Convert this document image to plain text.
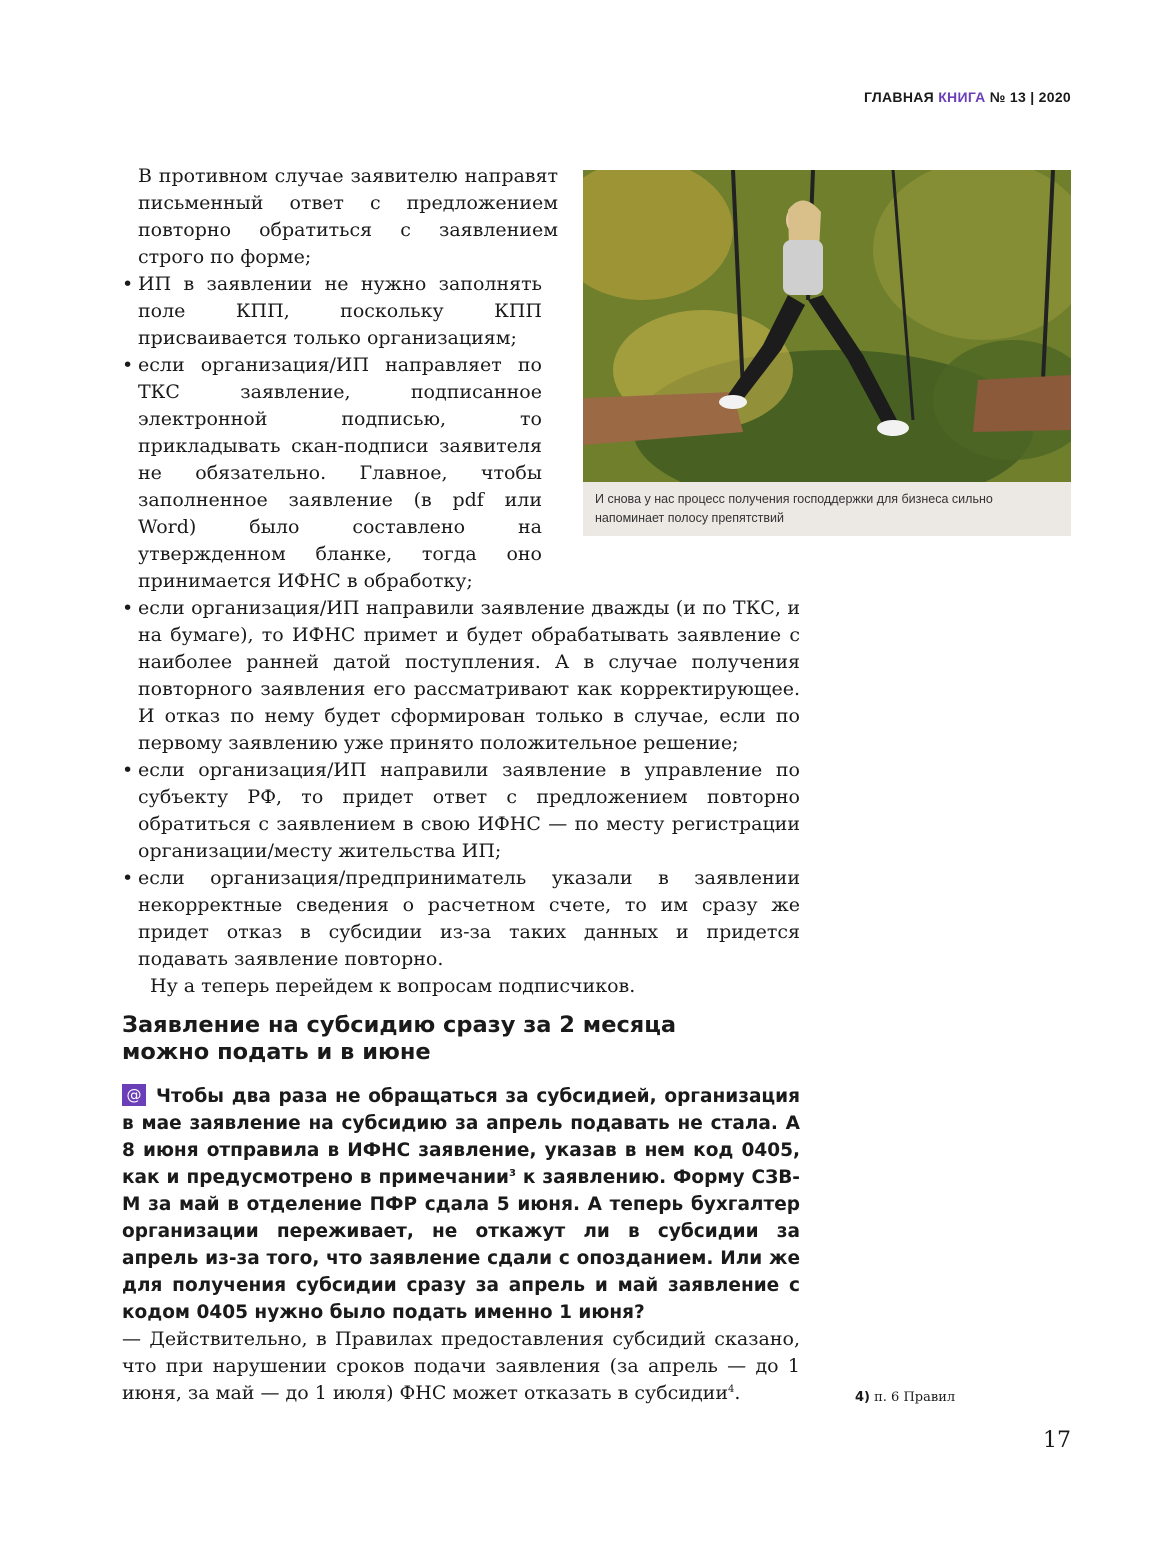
ГЛАВНАЯ КНИГА № 13 | 2020

В противном случае заявителю направят письменный ответ с предложением повторно обратиться с заявлением строго по форме;

• ИП в заявлении не нужно заполнять поле КПП, поскольку КПП присваивается только организациям;
• если организация/ИП направляет по ТКС заявление, подписанное электронной подписью, то прикладывать скан-подписи заявителя не обязательно. Главное, чтобы заполненное заявление (в pdf или Word) было составлено на утвержденном бланке, тогда оно принимается ИФНС в обработку;
• если организация/ИП направили заявление дважды (и по ТКС, и на бумаге), то ИФНС примет и будет обрабатывать заявление с наиболее ранней датой поступления. А в случае получения повторного заявления его рассматривают как корректирующее. И отказ по нему будет сформирован только в случае, если по первому заявлению уже принято положительное решение;
• если организация/ИП направили заявление в управление по субъекту РФ, то придет ответ с предложением повторно обратиться с заявлением в свою ИФНС — по месту регистрации организации/месту жительства ИП;
• если организация/предприниматель указали в заявлении некорректные сведения о расчетном счете, то им сразу же придет отказ в субсидии из-за таких данных и придется подавать заявление повторно.

Ну а теперь перейдем к вопросам подписчиков.

И снова у нас процесс получения господдержки для бизнеса сильно напоминает полосу препятствий
Заявление на субсидию сразу за 2 месяца можно подать и в июне
@ Чтобы два раза не обращаться за субсидией, организация в мае заявление на субсидию за апрель подавать не стала. А 8 июня отправила в ИФНС заявление, указав в нем код 0405, как и предусмотрено в примечании$^3$ к заявлению. Форму СЗВ-М за май в отделение ПФР сдала 5 июня. А теперь бухгалтер организации переживает, не откажут ли в субсидии за апрель из-за того, что заявление сдали с опозданием. Или же для получения субсидии сразу за апрель и май заявление с кодом 0405 нужно было подать именно 1 июня?
— Действительно, в Правилах предоставления субсидий сказано, что при нарушении сроков подачи заявления (за апрель — до 1 июня, за май — до 1 июля) ФНС может отказать в субсидии$^4$.	4) п. 6 Правил
17
